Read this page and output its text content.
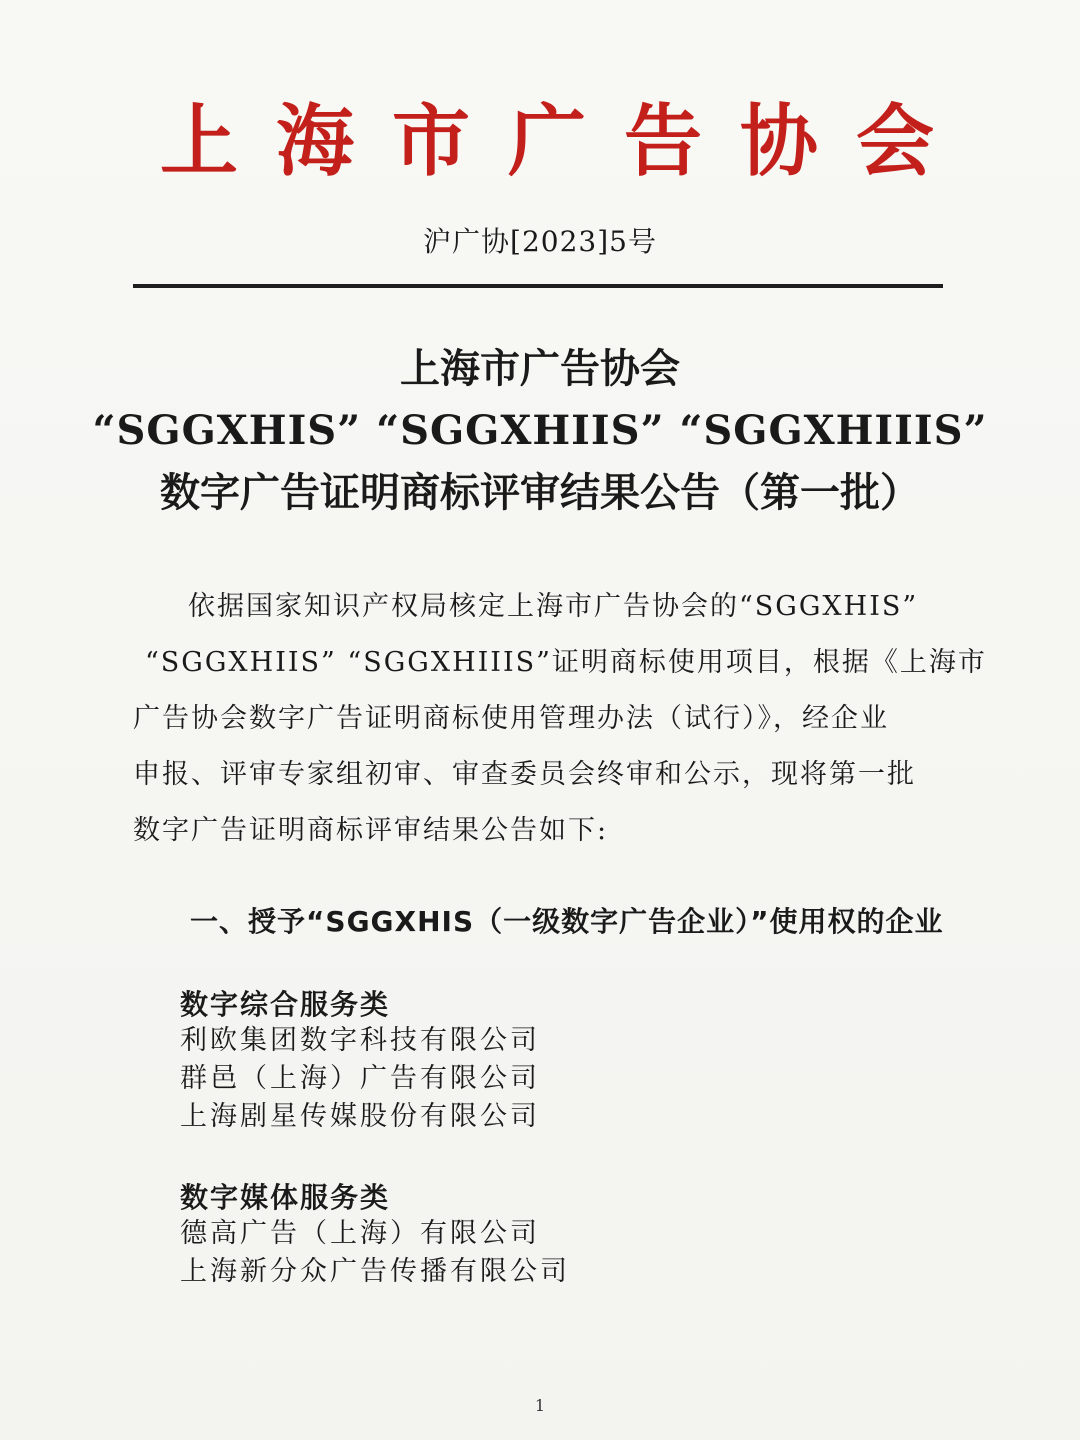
上海市广告协会
沪广协[2023]5号
上海市广告协会
“SGGXHIS” “SGGXHIIS” “SGGXHIIIS”
数字广告证明商标评审结果公告（第一批）
依据国家知识产权局核定上海市广告协会的“SGGXHIS”
“SGGXHIIS” “SGGXHIIIS”证明商标使用项目，根据《上海市
广告协会数字广告证明商标使用管理办法（试行）》，经企业
申报、评审专家组初审、审查委员会终审和公示，现将第一批
数字广告证明商标评审结果公告如下:
一、授予“SGGXHIS（一级数字广告企业）”使用权的企业
数字综合服务类
利欧集团数字科技有限公司
群邑（上海）广告有限公司
上海剧星传媒股份有限公司
数字媒体服务类
德高广告（上海）有限公司
上海新分众广告传播有限公司
1
